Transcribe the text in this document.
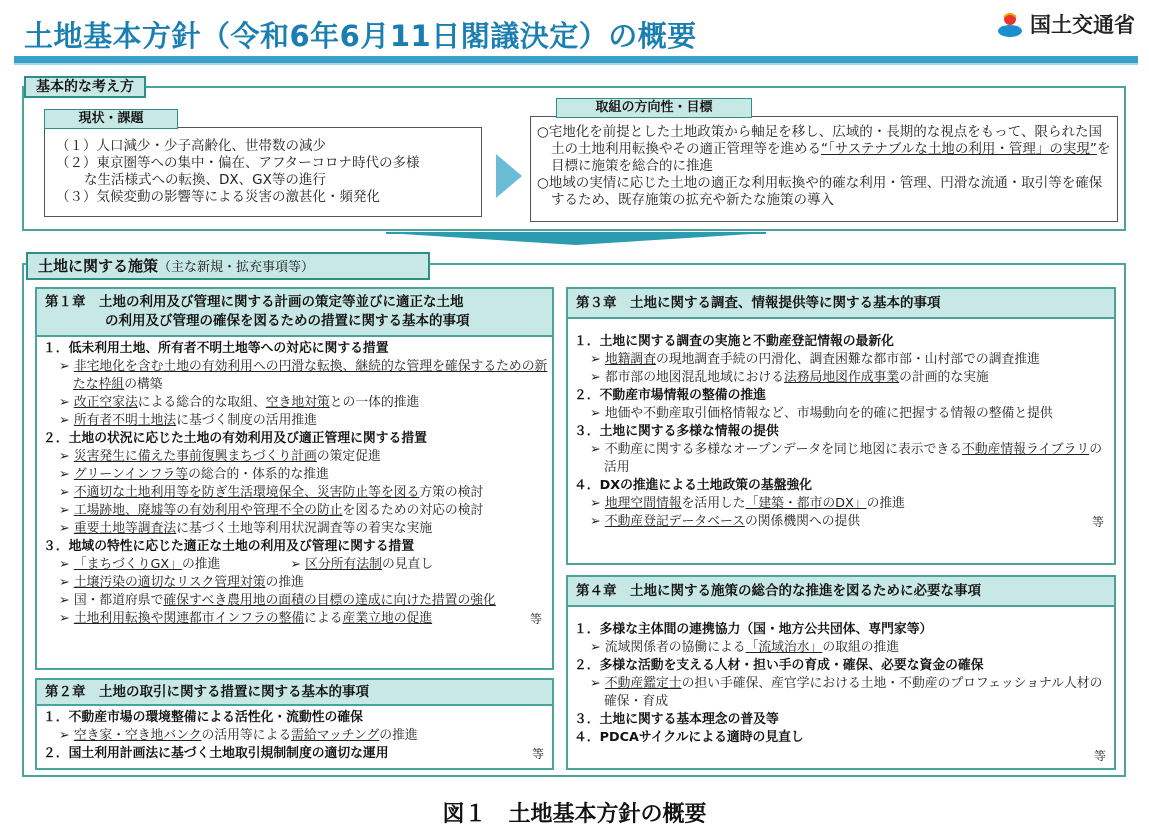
土地基本方針（令和6年6月11日閣議決定）の概要	国土交通省
基本的な考え方
現状・課題
（１）人口減少・少子高齢化、世帯数の減少
（２）東京圏等への集中・偏在、アフターコロナ時代の多様
な生活様式への転換、DX、GX等の進行
（３）気候変動の影響等による災害の激甚化・頻発化
取組の方向性・目標
○宅地化を前提とした土地政策から軸足を移し、広域的・長期的な視点をもって、限られた国土の土地利用転換やその適正管理等を進める“「サステナブルな土地の利用・管理」の実現”を目標に施策を総合的に推進
○地域の実情に応じた土地の適正な利用転換や的確な利用・管理、円滑な流通・取引等を確保するため、既存施策の拡充や新たな施策の導入
土地に関する施策（主な新規・拡充事項等）
第１章　土地の利用及び管理に関する計画の策定等並びに適正な土地
の利用及び管理の確保を図るための措置に関する基本的事項
１．低未利用土地、所有者不明土地等への対応に関する措置
➢ 非宅地化を含む土地の有効利用への円滑な転換、継続的な管理を確保するための新たな枠組の構築
➢ 改正空家法による総合的な取組、空き地対策との一体的推進
➢ 所有者不明土地法に基づく制度の活用推進
２．土地の状況に応じた土地の有効利用及び適正管理に関する措置
➢ 災害発生に備えた事前復興まちづくり計画の策定促進
➢ グリーンインフラ等の総合的・体系的な推進
➢ 不適切な土地利用等を防ぎ生活環境保全、災害防止等を図る方策の検討
➢ 工場跡地、廃墟等の有効利用や管理不全の防止を図るための対応の検討
➢ 重要土地等調査法に基づく土地等利用状況調査等の着実な実施
３．地域の特性に応じた適正な土地の利用及び管理に関する措置
➢ 「まちづくりGX」の推進	➢ 区分所有法制の見直し
➢ 土壌汚染の適切なリスク管理対策の推進
➢ 国・都道府県で確保すべき農用地の面積の目標の達成に向けた措置の強化
➢ 土地利用転換や関連都市インフラの整備による産業立地の促進	等
第２章　土地の取引に関する措置に関する基本的事項
１．不動産市場の環境整備による活性化・流動性の確保
➢ 空き家・空き地バンクの活用等による需給マッチングの推進
２．国土利用計画法に基づく土地取引規制制度の適切な運用	等
第３章　土地に関する調査、情報提供等に関する基本的事項
１．土地に関する調査の実施と不動産登記情報の最新化
➢ 地籍調査の現地調査手続の円滑化、調査困難な都市部・山村部での調査推進
➢ 都市部の地図混乱地域における法務局地図作成事業の計画的な実施
２．不動産市場情報の整備の推進
➢ 地価や不動産取引価格情報など、市場動向を的確に把握する情報の整備と提供
３．土地に関する多様な情報の提供
➢ 不動産に関する多様なオープンデータを同じ地図に表示できる不動産情報ライブラリの活用
４．DXの推進による土地政策の基盤強化
➢ 地理空間情報を活用した「建築・都市のDX」の推進
➢ 不動産登記データベースの関係機関への提供	等
第４章　土地に関する施策の総合的な推進を図るために必要な事項
１．多様な主体間の連携協力（国・地方公共団体、専門家等）
➢ 流域関係者の協働による「流域治水」の取組の推進
２．多様な活動を支える人材・担い手の育成・確保、必要な資金の確保
➢ 不動産鑑定士の担い手確保、産官学における土地・不動産のプロフェッショナル人材の確保・育成
３．土地に関する基本理念の普及等
４．PDCAサイクルによる適時の見直し
等
図１　土地基本方針の概要
